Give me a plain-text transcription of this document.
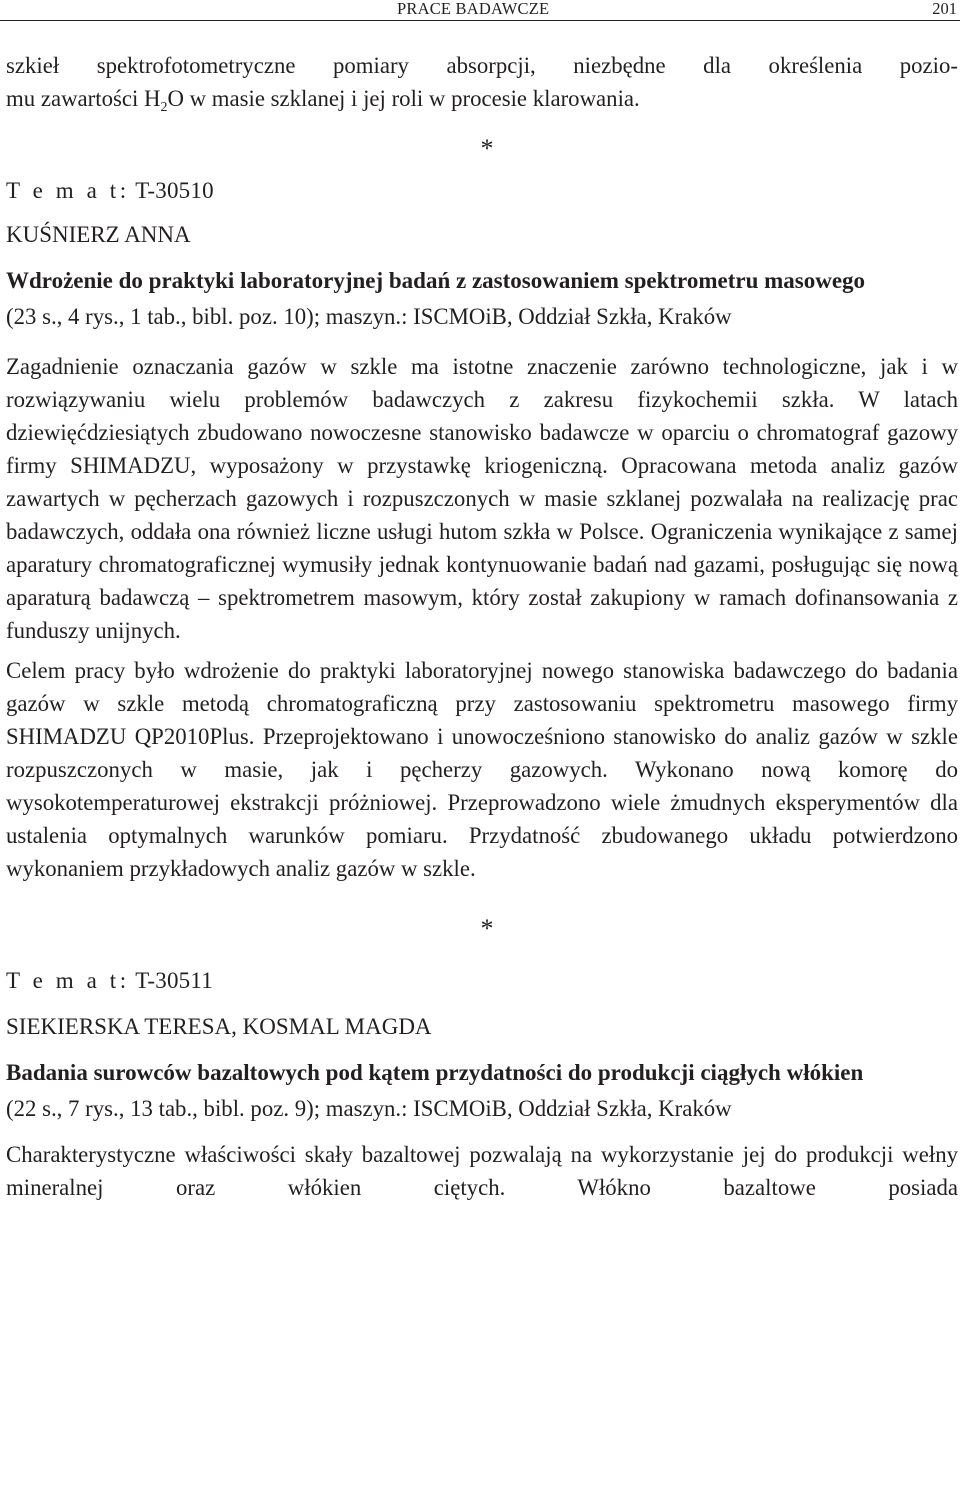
PRACE BADAWCZE	201
szkieł spektrofotometryczne pomiary absorpcji, niezbędne dla określenia pozio-
mu zawartości $H_2O$ w masie szklanej i jej roli w procesie klarowania.
*
T e m a t: T-30510
KUŚNIERZ ANNA
Wdrożenie do praktyki laboratoryjnej badań z zastosowaniem spektrometru masowego
(23 s., 4 rys., 1 tab., bibl. poz. 10); maszyn.: ISCMOiB, Oddział Szkła, Kraków

Zagadnienie oznaczania gazów w szkle ma istotne znaczenie zarówno technologiczne, jak i w rozwiązywaniu wielu problemów badawczych z zakresu fizykochemii szkła. W latach dziewięćdziesiątych zbudowano nowoczesne stanowisko badawcze w oparciu o chromatograf gazowy firmy SHIMADZU, wyposażony w przystawkę kriogeniczną. Opracowana metoda analiz gazów zawartych w pęcherzach gazowych i rozpuszczonych w masie szklanej pozwalała na realizację prac badawczych, oddała ona również liczne usługi hutom szkła w Polsce. Ograniczenia wynikające z samej aparatury chromatograficznej wymusiły jednak kontynuowanie badań nad gazami, posługując się nową aparaturą badawczą – spektrometrem masowym, który został zakupiony w ramach dofinansowania z funduszy unijnych.

Celem pracy było wdrożenie do praktyki laboratoryjnej nowego stanowiska badawczego do badania gazów w szkle metodą chromatograficzną przy zastosowaniu spektrometru masowego firmy SHIMADZU QP2010Plus. Przeprojektowano i unowocześniono stanowisko do analiz gazów w szkle rozpuszczonych w masie, jak i pęcherzy gazowych. Wykonano nową komorę do wysokotemperaturowej ekstrakcji próżniowej. Przeprowadzono wiele żmudnych eksperymentów dla ustalenia optymalnych warunków pomiaru. Przydatność zbudowanego układu potwierdzono wykonaniem przykładowych analiz gazów w szkle.

*
T e m a t: T-30511
SIEKIERSKA TERESA, KOSMAL MAGDA
Badania surowców bazaltowych pod kątem przydatności do produkcji ciągłych włókien
(22 s., 7 rys., 13 tab., bibl. poz. 9); maszyn.: ISCMOiB, Oddział Szkła, Kraków

Charakterystyczne właściwości skały bazaltowej pozwalają na wykorzystanie jej do produkcji wełny mineralnej oraz włókien ciętych. Włókno bazaltowe posiada
